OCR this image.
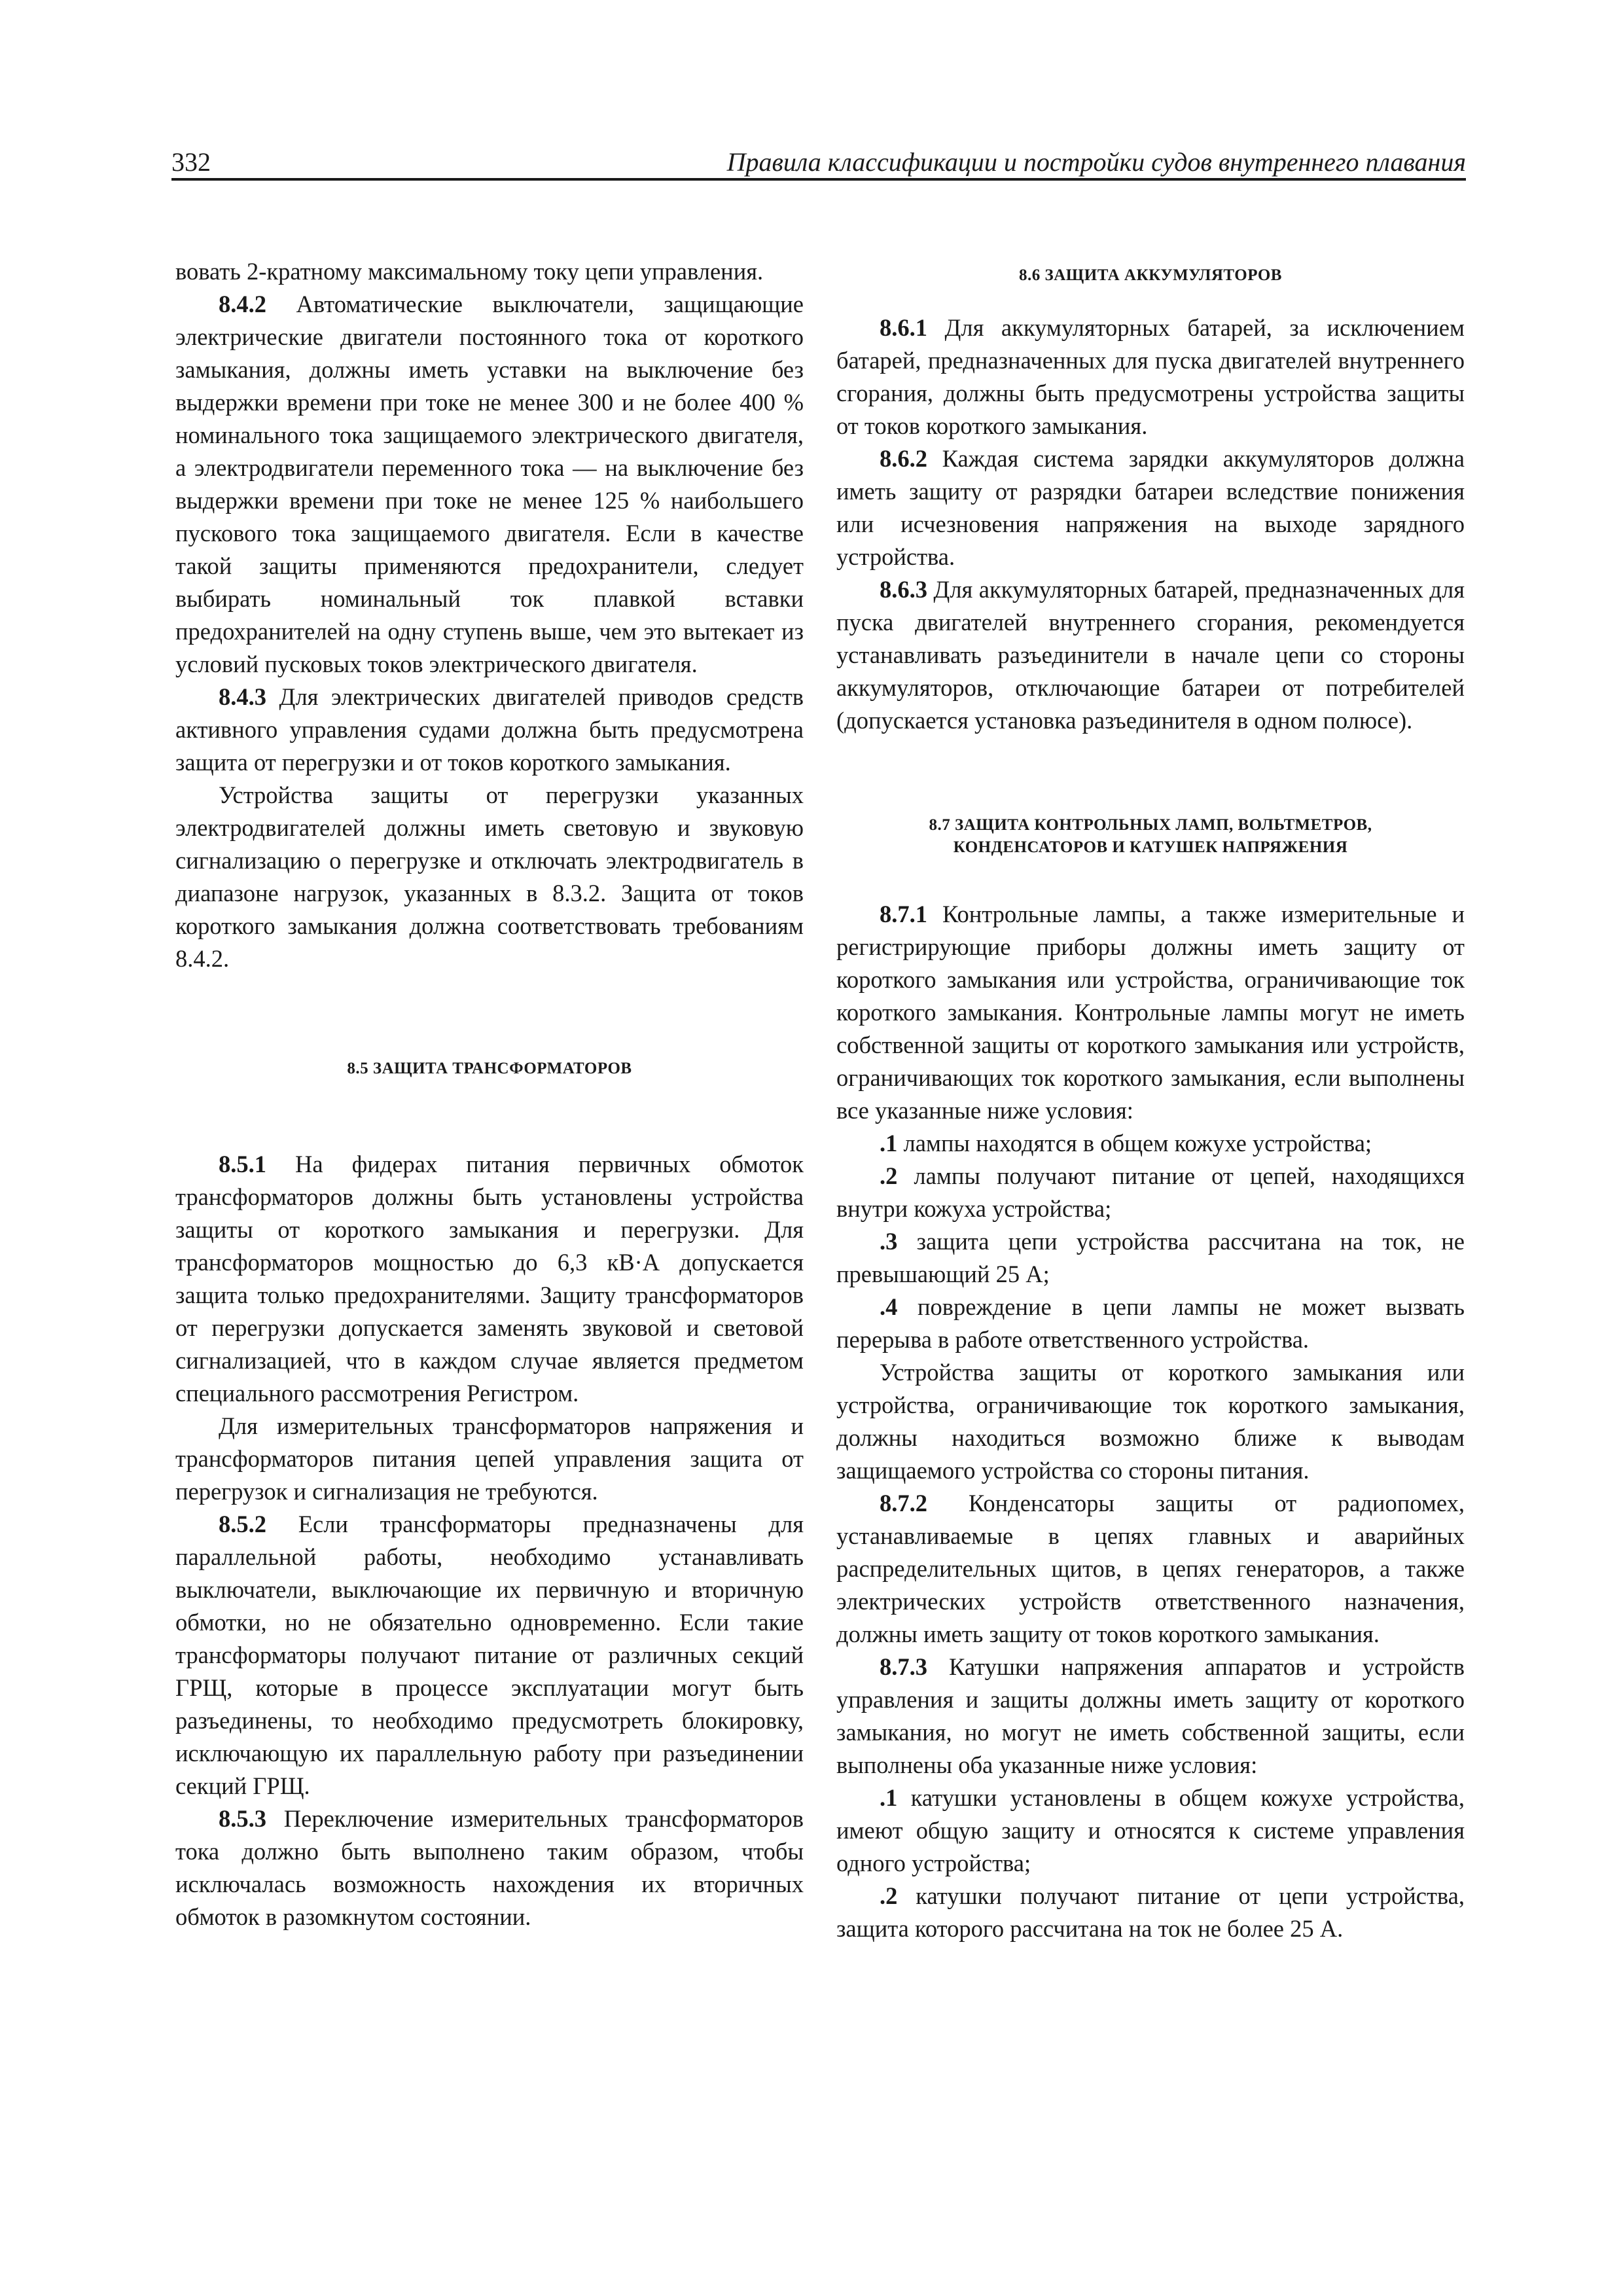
332	Правила классификации и постройки судов внутреннего плавания

вовать 2-кратному максимальному току цепи управления.

8.4.2 Автоматические выключатели, защищающие электрические двигатели постоянного тока от короткого замыкания, должны иметь уставки на выключение без выдержки времени при токе не менее 300 и не более 400 % номинального тока защищаемого электрического двигателя, а электродвигатели переменного тока — на выключение без выдержки времени при токе не менее 125 % наибольшего пускового тока защищаемого двигателя. Если в качестве такой защиты применяются предохранители, следует выбирать номинальный ток плавкой вставки предохранителей на одну ступень выше, чем это вытекает из условий пусковых токов электрического двигателя.

8.4.3 Для электрических двигателей приводов средств активного управления судами должна быть предусмотрена защита от перегрузки и от токов короткого замыкания.

Устройства защиты от перегрузки указанных электродвигателей должны иметь световую и звуковую сигнализацию о перегрузке и отключать электродвигатель в диапазоне нагрузок, указанных в 8.3.2. Защита от токов короткого замыкания должна соответствовать требованиям 8.4.2.

8.5 ЗАЩИТА ТРАНСФОРМАТОРОВ

8.5.1 На фидерах питания первичных обмоток трансформаторов должны быть установлены устройства защиты от короткого замыкания и перегрузки. Для трансформаторов мощностью до 6,3 кВ·А допускается защита только предохранителями. Защиту трансформаторов от перегрузки допускается заменять звуковой и световой сигнализацией, что в каждом случае является предметом специального рассмотрения Регистром.

Для измерительных трансформаторов напряжения и трансформаторов питания цепей управления защита от перегрузок и сигнализация не требуются.

8.5.2 Если трансформаторы предназначены для параллельной работы, необходимо устанавливать выключатели, выключающие их первичную и вторичную обмотки, но не обязательно одновременно. Если такие трансформаторы получают питание от различных секций ГРЩ, которые в процессе эксплуатации могут быть разъединены, то необходимо предусмотреть блокировку, исключающую их параллельную работу при разъединении секций ГРЩ.

8.5.3 Переключение измерительных трансформаторов тока должно быть выполнено таким образом, чтобы исключалась возможность нахождения их вторичных обмоток в разомкнутом состоянии.

8.6 ЗАЩИТА АККУМУЛЯТОРОВ

8.6.1 Для аккумуляторных батарей, за исключением батарей, предназначенных для пуска двигателей внутреннего сгорания, должны быть предусмотрены устройства защиты от токов короткого замыкания.

8.6.2 Каждая система зарядки аккумуляторов должна иметь защиту от разрядки батареи вследствие понижения или исчезновения напряжения на выходе зарядного устройства.

8.6.3 Для аккумуляторных батарей, предназначенных для пуска двигателей внутреннего сгорания, рекомендуется устанавливать разъединители в начале цепи со стороны аккумуляторов, отключающие батареи от потребителей (допускается установка разъединителя в одном полюсе).

8.7 ЗАЩИТА КОНТРОЛЬНЫХ ЛАМП, ВОЛЬТМЕТРОВ,

КОНДЕНСАТОРОВ И КАТУШЕК НАПРЯЖЕНИЯ

8.7.1 Контрольные лампы, а также измерительные и регистрирующие приборы должны иметь защиту от короткого замыкания или устройства, ограничивающие ток короткого замыкания. Контрольные лампы могут не иметь собственной защиты от короткого замыкания или устройств, ограничивающих ток короткого замыкания, если выполнены все указанные ниже условия:

.1 лампы находятся в общем кожухе устройства;

.2 лампы получают питание от цепей, находящихся внутри кожуха устройства;

.3 защита цепи устройства рассчитана на ток, не превышающий 25 А;

.4 повреждение в цепи лампы не может вызвать перерыва в работе ответственного устройства.

Устройства защиты от короткого замыкания или устройства, ограничивающие ток короткого замыкания, должны находиться возможно ближе к выводам защищаемого устройства со стороны питания.

8.7.2 Конденсаторы защиты от радиопомех, устанавливаемые в цепях главных и аварийных распределительных щитов, в цепях генераторов, а также электрических устройств ответственного назначения, должны иметь защиту от токов короткого замыкания.

8.7.3 Катушки напряжения аппаратов и устройств управления и защиты должны иметь защиту от короткого замыкания, но могут не иметь собственной защиты, если выполнены оба указанные ниже условия:

.1 катушки установлены в общем кожухе устройства, имеют общую защиту и относятся к системе управления одного устройства;

.2 катушки получают питание от цепи устройства, защита которого рассчитана на ток не более 25 А.
